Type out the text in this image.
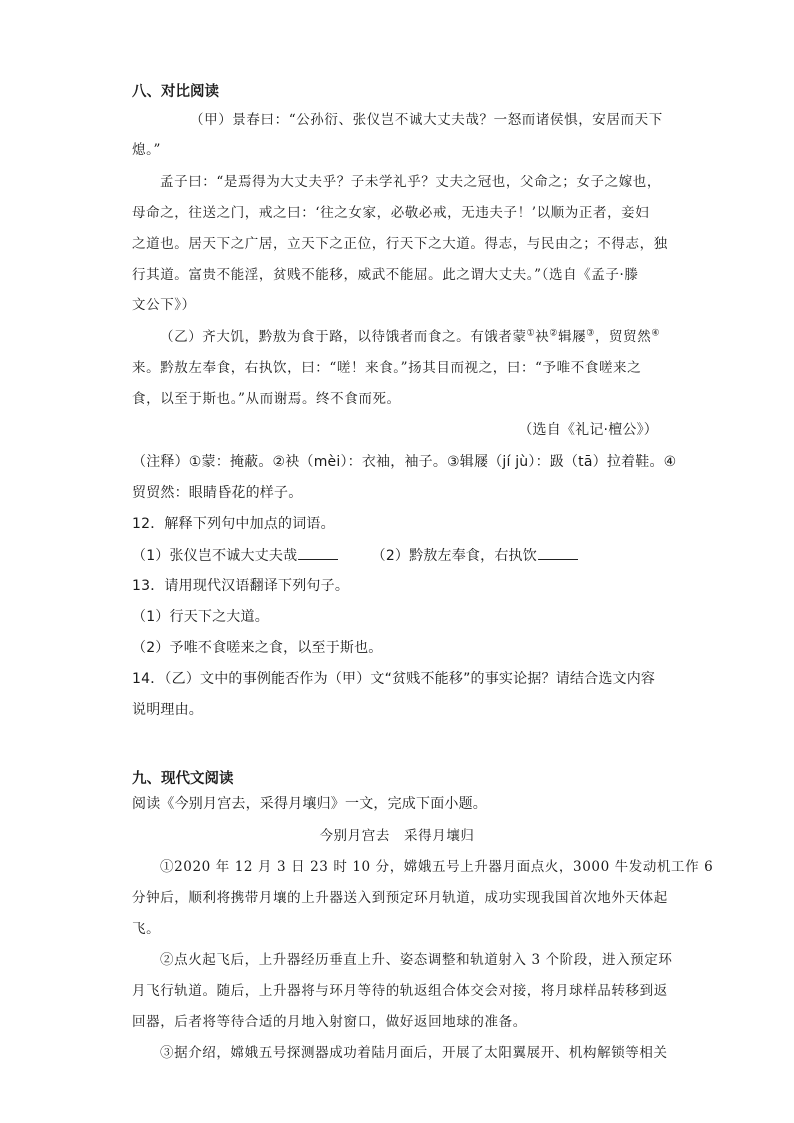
八、对比阅读
（甲）景春曰：“公孙衍、张仪岂不诚大丈夫哉？一怒而诸侯惧，安居而天下
熄。”
孟子曰：“是焉得为大丈夫乎？子未学礼乎？丈夫之冠也，父命之；女子之嫁也，
母命之，往送之门，戒之曰：‘往之女家，必敬必戒，无违夫子！’以顺为正者，妾妇
之道也。居天下之广居，立天下之正位，行天下之大道。得志，与民由之；不得志，独
行其道。富贵不能淫，贫贱不能移，威武不能屈。此之谓大丈夫。”（选自《孟子·滕
文公下》）
（乙）齐大饥，黔敖为食于路，以待饿者而食之。有饿者蒙①袂②辑屦③，贸贸然④
来。黔敖左奉食，右执饮，曰：“嗟！来食。”扬其目而视之，曰：“予唯不食嗟来之
食，以至于斯也。”从而谢焉。终不食而死。
（选自《礼记·檀公》）
（注释）①蒙：掩蔽。②袂（mèi）：衣袖，袖子。③辑屦（jí jù）：趿（tā）拉着鞋。④
贸贸然：眼睛昏花的样子。
12．解释下列句中加点的词语。
（1）张仪岂不诚大丈夫哉	（2）黔敖左奉食，右执饮
13．请用现代汉语翻译下列句子。
（1）行天下之大道。
（2）予唯不食嗟来之食，以至于斯也。
14．（乙）文中的事例能否作为（甲）文“贫贱不能移”的事实论据？请结合选文内容
说明理由。
九、现代文阅读
阅读《今别月宫去，采得月壤归》一文，完成下面小题。
今别月宫去　采得月壤归
①2020 年 12 月 3 日 23 时 10 分，嫦娥五号上升器月面点火，3000 牛发动机工作 6
分钟后，顺利将携带月壤的上升器送入到预定环月轨道，成功实现我国首次地外天体起
飞。
②点火起飞后，上升器经历垂直上升、姿态调整和轨道射入 3 个阶段，进入预定环
月飞行轨道。随后，上升器将与环月等待的轨返组合体交会对接，将月球样品转移到返
回器，后者将等待合适的月地入射窗口，做好返回地球的准备。
③据介绍，嫦娥五号探测器成功着陆月面后，开展了太阳翼展开、机构解锁等相关
